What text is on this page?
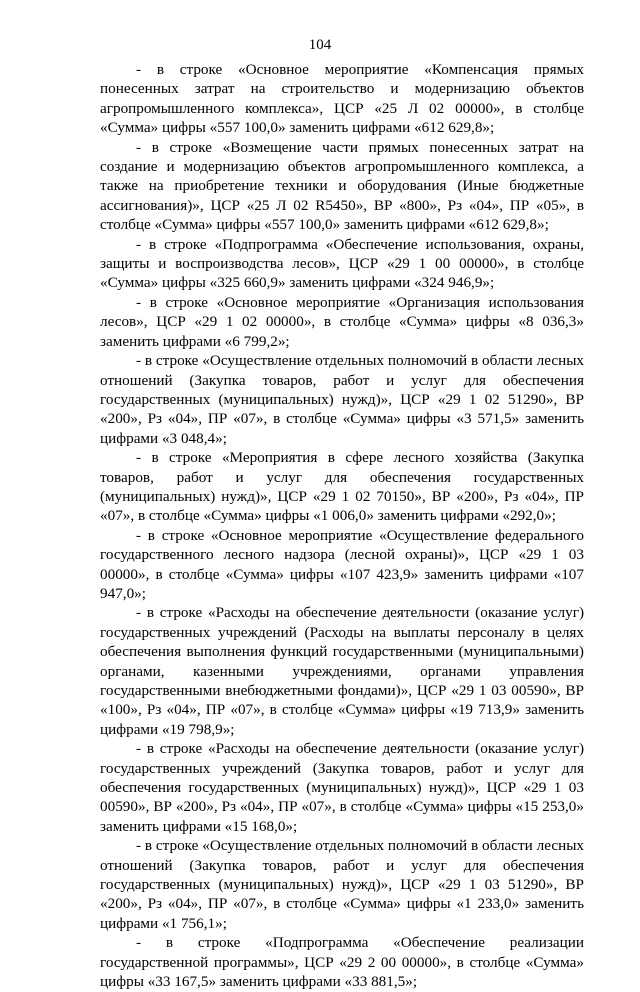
104

- в строке «Основное мероприятие «Компенсация прямых понесенных затрат на строительство и модернизацию объектов агропромышленного комплекса», ЦСР «25 Л 02 00000», в столбце «Сумма» цифры «557 100,0» заменить цифрами «612 629,8»;

- в строке «Возмещение части прямых понесенных затрат на создание и модернизацию объектов агропромышленного комплекса, а также на приобретение техники и оборудования (Иные бюджетные ассигнования)», ЦСР «25 Л 02 R5450», ВР «800», Рз «04», ПР «05», в столбце «Сумма» цифры «557 100,0» заменить цифрами «612 629,8»;

- в строке «Подпрограмма «Обеспечение использования, охраны, защиты и воспроизводства лесов», ЦСР «29 1 00 00000», в столбце «Сумма» цифры «325 660,9» заменить цифрами «324 946,9»;

- в строке «Основное мероприятие «Организация использования лесов», ЦСР «29 1 02 00000», в столбце «Сумма» цифры «8 036,3» заменить цифрами «6 799,2»;

- в строке «Осуществление отдельных полномочий в области лесных отношений (Закупка товаров, работ и услуг для обеспечения государственных (муниципальных) нужд)», ЦСР «29 1 02 51290», ВР «200», Рз «04», ПР «07», в столбце «Сумма» цифры «3 571,5» заменить цифрами «3 048,4»;

- в строке «Мероприятия в сфере лесного хозяйства (Закупка товаров, работ и услуг для обеспечения государственных (муниципальных) нужд)», ЦСР «29 1 02 70150», ВР «200», Рз «04», ПР «07», в столбце «Сумма» цифры «1 006,0» заменить цифрами «292,0»;

- в строке «Основное мероприятие «Осуществление федерального государственного лесного надзора (лесной охраны)», ЦСР «29 1 03 00000», в столбце «Сумма» цифры «107 423,9» заменить цифрами «107 947,0»;

- в строке «Расходы на обеспечение деятельности (оказание услуг) государственных учреждений (Расходы на выплаты персоналу в целях обеспечения выполнения функций государственными (муниципальными) органами, казенными учреждениями, органами управления государственными внебюджетными фондами)», ЦСР «29 1 03 00590», ВР «100», Рз «04», ПР «07», в столбце «Сумма» цифры «19 713,9» заменить цифрами «19 798,9»;

- в строке «Расходы на обеспечение деятельности (оказание услуг) государственных учреждений (Закупка товаров, работ и услуг для обеспечения государственных (муниципальных) нужд)», ЦСР «29 1 03 00590», ВР «200», Рз «04», ПР «07», в столбце «Сумма» цифры «15 253,0» заменить цифрами «15 168,0»;

- в строке «Осуществление отдельных полномочий в области лесных отношений (Закупка товаров, работ и услуг для обеспечения государственных (муниципальных) нужд)», ЦСР «29 1 03 51290», ВР «200», Рз «04», ПР «07», в столбце «Сумма» цифры «1 233,0» заменить цифрами «1 756,1»;

- в строке «Подпрограмма «Обеспечение реализации государственной программы», ЦСР «29 2 00 00000», в столбце «Сумма» цифры «33 167,5» заменить цифрами «33 881,5»;
